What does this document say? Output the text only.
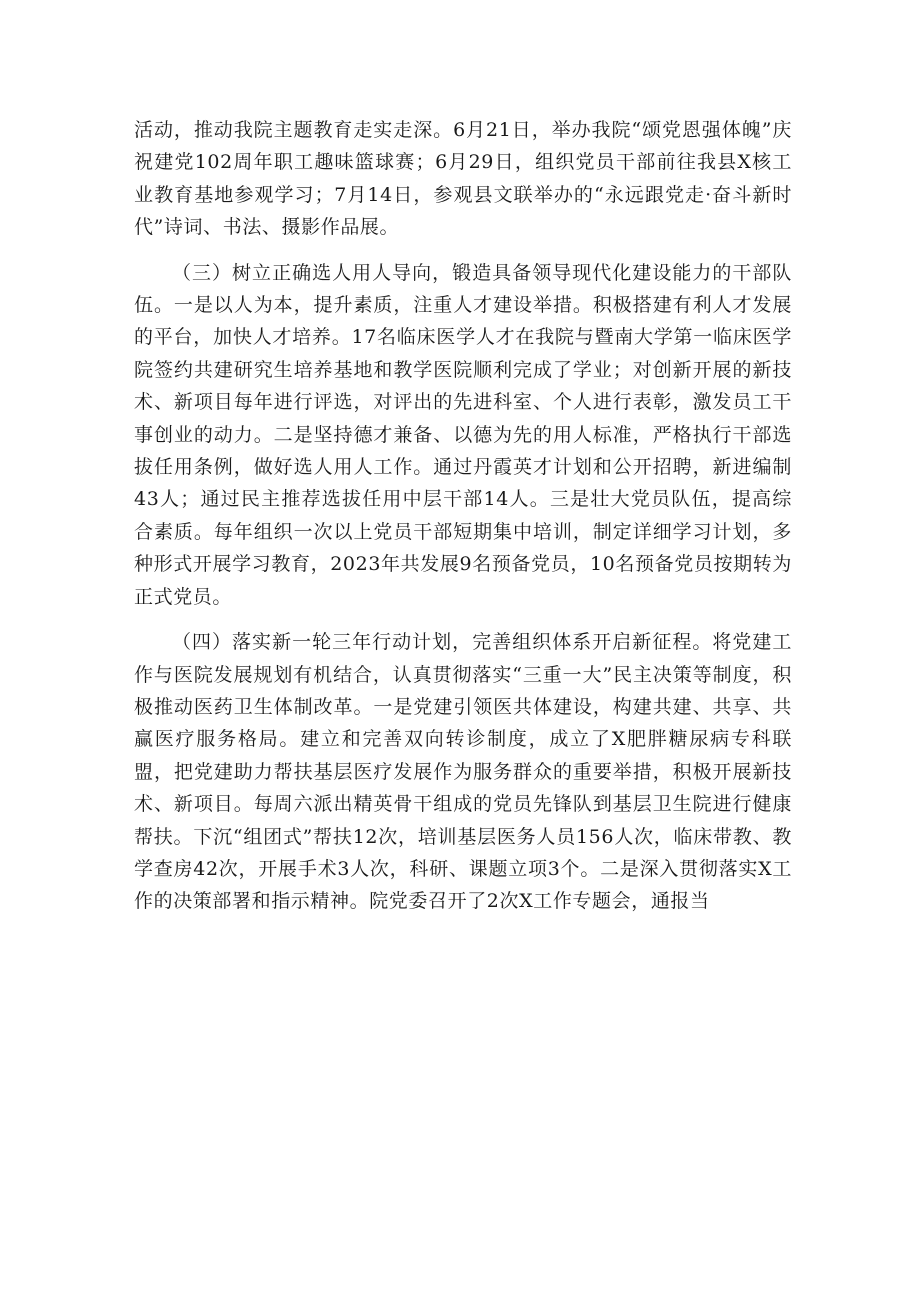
活动，推动我院主题教育走实走深。6月21日，举办我院“颂党恩强体魄”庆祝建党102周年职工趣味篮球赛；6月29日，组织党员干部前往我县X核工业教育基地参观学习；7月14日，参观县文联举办的“永远跟党走·奋斗新时代”诗词、书法、摄影作品展。

（三）树立正确选人用人导向，锻造具备领导现代化建设能力的干部队伍。一是以人为本，提升素质，注重人才建设举措。积极搭建有利人才发展的平台，加快人才培养。17名临床医学人才在我院与暨南大学第一临床医学院签约共建研究生培养基地和教学医院顺利完成了学业；对创新开展的新技术、新项目每年进行评选，对评出的先进科室、个人进行表彰，激发员工干事创业的动力。二是坚持德才兼备、以德为先的用人标准，严格执行干部选拔任用条例，做好选人用人工作。通过丹霞英才计划和公开招聘，新进编制43人；通过民主推荐选拔任用中层干部14人。三是壮大党员队伍，提高综合素质。每年组织一次以上党员干部短期集中培训，制定详细学习计划，多种形式开展学习教育，2023年共发展9名预备党员，10名预备党员按期转为正式党员。

（四）落实新一轮三年行动计划，完善组织体系开启新征程。将党建工作与医院发展规划有机结合，认真贯彻落实“三重一大”民主决策等制度，积极推动医药卫生体制改革。一是党建引领医共体建设，构建共建、共享、共赢医疗服务格局。建立和完善双向转诊制度，成立了X肥胖糖尿病专科联盟，把党建助力帮扶基层医疗发展作为服务群众的重要举措，积极开展新技术、新项目。每周六派出精英骨干组成的党员先锋队到基层卫生院进行健康帮扶。下沉“组团式”帮扶12次，培训基层医务人员156人次，临床带教、教学查房42次，开展手术3人次，科研、课题立项3个。二是深入贯彻落实X工作的决策部署和指示精神。院党委召开了2次X工作专题会，通报当
